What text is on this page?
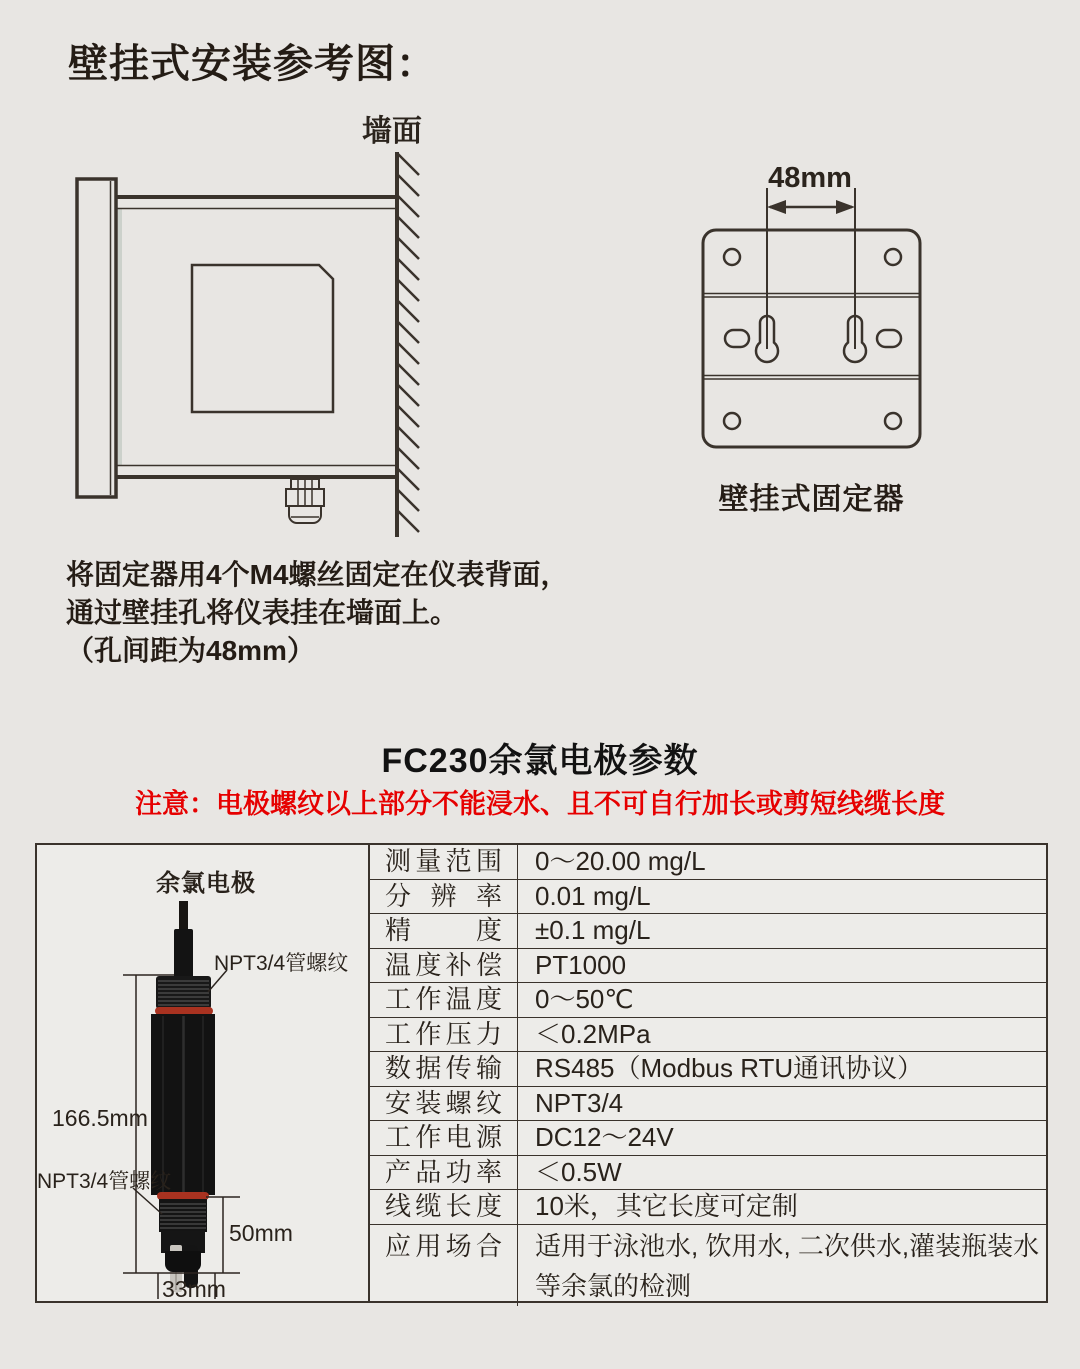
壁挂式安装参考图：
墙面
48mm
壁挂式固定器
将固定器用4个M4螺丝固定在仪表背面，
通过壁挂孔将仪表挂在墙面上。
（孔间距为48mm）
FC230余氯电极参数
注意：电极螺纹以上部分不能浸水、且不可自行加长或剪短线缆长度
测量范围	0～20.00 mg/L
分辨率	0.01 mg/L
精度	±0.1 mg/L
温度补偿	PT1000
工作温度	0～50℃
工作压力	＜0.2MPa
数据传输	RS485（Modbus RTU通讯协议）
安装螺纹	NPT3/4
工作电源	DC12～24V
产品功率	＜0.5W
线缆长度	10米，其它长度可定制
应用场合	适用于泳池水, 饮用水, 二次供水,灌装瓶装水等余氯的检测
余氯电极
NPT3/4管螺纹
166.5mm
NPT3/4管螺纹
50mm
33mm
